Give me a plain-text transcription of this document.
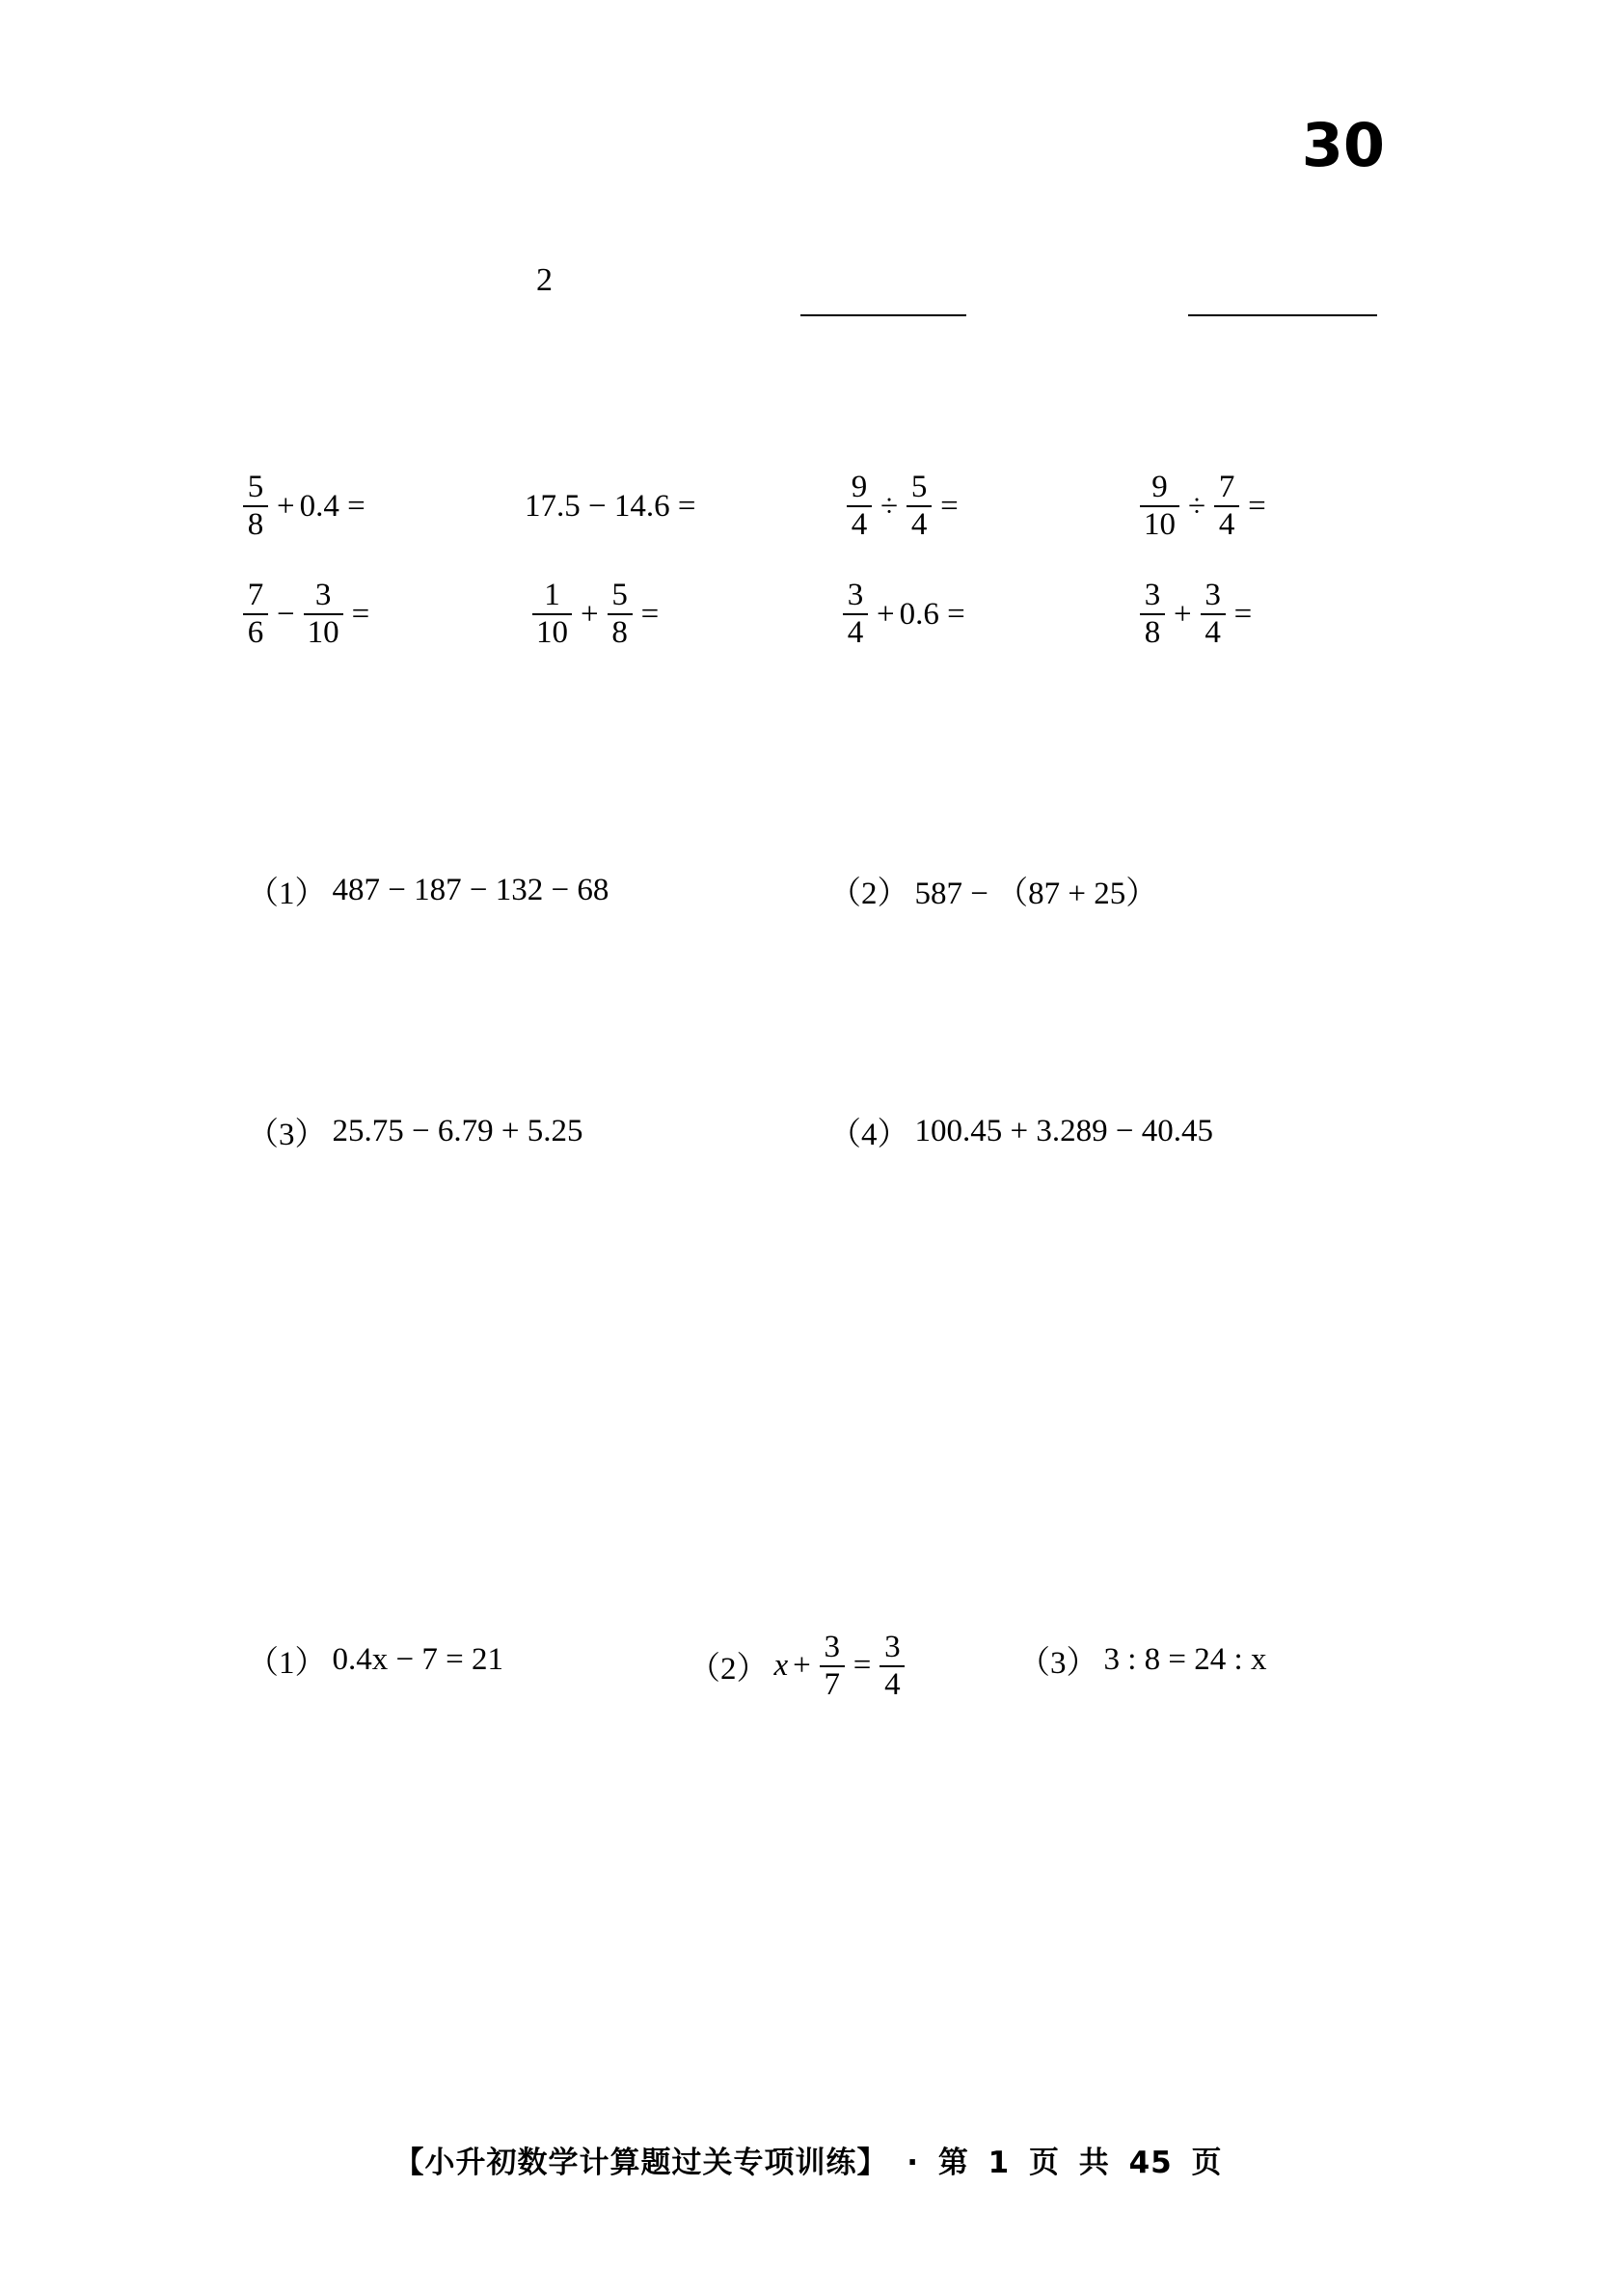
30
2
$\frac{5}{8} + 0.4$ =	17.5 − 14.6 =	$\frac{9}{4} \div \frac{5}{4}$ =	$\frac{9}{10} \div \frac{7}{4}$ =
$\frac{7}{6} - \frac{3}{10}$ =	$\frac{1}{10} + \frac{5}{8}$ =	$\frac{3}{4} + 0.6$ =	$\frac{3}{8} + \frac{3}{4}$ =
（1） 487 − 187 − 132 − 68	（2） 587 − （87 + 25）
（3） 25.75 − 6.79 + 5.25	（4） 100.45 + 3.289 − 40.45
（1） 0.4x − 7 = 21	（2） $x + \frac{3}{7} = \frac{3}{4}$	（3） 3 : 8 = 24 : x
【小升初数学计算题过关专项训练】 · 第 1 页 共 45 页
